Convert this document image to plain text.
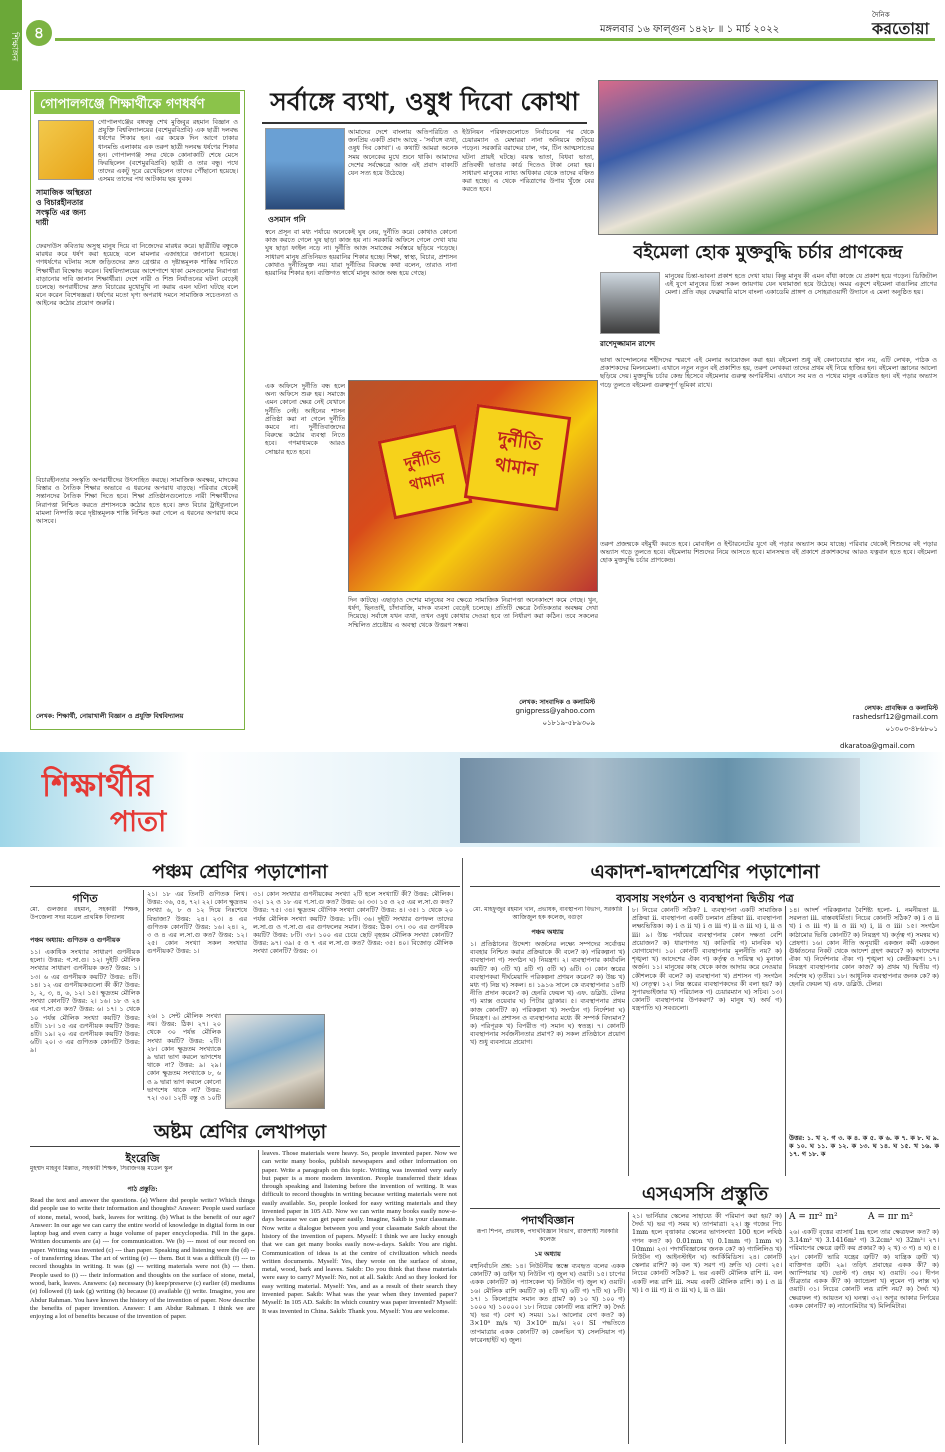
শিক্ষাঙ্গন ৪	মঙ্গলবার ১৬ ফাল্গুন ১৪২৮ ॥ ১ মার্চ ২০২২
দৈনিক
করতোয়া
গোপালগঞ্জে শিক্ষার্থীকে গণধর্ষণ
সামাজিক অস্থিরতা ও বিচারহীনতার সংস্কৃতি এর জন্য দায়ী
গোপালগঞ্জের বঙ্গবন্ধু শেখ মুজিবুর রহমান বিজ্ঞান ও প্রযুক্তি বিশ্ববিদ্যালয়ের (বশেমুরবিপ্রবি) এক ছাত্রী দলবদ্ধ ধর্ষণের শিকার হন। এর কয়েক দিন আগে ঢাকার ধানমন্ডি এলাকায় এক তরুণ ছাত্রী দলবদ্ধ ধর্ষণের শিকার হন। গোপালগঞ্জ সদর থেকে কোনাকাটি শেষে মেসে ফিরছিলেন (বশেমুরবিপ্রবি) ছাত্রী ও তার বন্ধু। পথে তাদের একটু দূরে রেখেছিলেন তাদের পৌঁছানো হয়েছে। এসময় তাদের পথ আটকায় ছয় যুবক।
ফেরদাউস কবিতায় অসুস্থ মানুষ দিয়ে বা নিজেদের মারধর করে। ছাত্রীটির বন্ধুকে মারধর করে ধর্ষণ করা হয়েছে বলে মামলার এজাহারে জানানো হয়েছে। গণধর্ষণের ঘটনায় সঙ্গে জড়িতদের দ্রুত গ্রেপ্তার ও দৃষ্টান্তমূলক শাস্তির দাবিতে শিক্ষার্থীরা বিক্ষোভ করেন। বিশ্ববিদ্যালয়ের আশেপাশে থাকা মেসগুলোর নিরাপত্তা বাড়ানোর দাবি জানান শিক্ষার্থীরা। দেশে নারী ও শিশু নির্যাতনের ঘটনা বেড়েই চলেছে। অপরাধীদের দ্রুত বিচারের মুখোমুখি না করায় এমন ঘটনা ঘটছে বলে মনে করেন বিশেষজ্ঞরা। ধর্ষণের মতো ঘৃণ্য অপরাধ দমনে সামাজিক সচেতনতা ও আইনের কঠোর প্রয়োগ জরুরি।
বিচারহীনতার সংস্কৃতি অপরাধীদের উৎসাহিত করছে। সামাজিক অবক্ষয়, মাদকের বিস্তার ও নৈতিক শিক্ষার অভাবে এ ধরনের অপরাধ বাড়ছে। পরিবার থেকেই সন্তানদের নৈতিক শিক্ষা দিতে হবে। শিক্ষা প্রতিষ্ঠানগুলোতে নারী শিক্ষার্থীদের নিরাপত্তা নিশ্চিত করতে প্রশাসনকে কঠোর হতে হবে। দ্রুত বিচার ট্রাইব্যুনালে মামলা নিষ্পত্তি করে দৃষ্টান্তমূলক শাস্তি নিশ্চিত করা গেলে এ ধরনের অপরাধ কমে আসবে।
লেখক: শিক্ষার্থী, নোয়াখালী বিজ্ঞান ও প্রযুক্তি বিশ্ববিদ্যালয়
সর্বাঙ্গে ব্যথা, ওষুধ দিবো কোথা
ওসমান গনি
আমাদের দেশে বাংলায় অতিপরিচিত ও জনপ্রিয় একটি প্রবাদ আছে - 'সর্বাঙ্গে ব্যথা, ওষুধ দিব কোথা'। এ কথাটি আমরা অনেক সময় অনেকের মুখে শুনে থাকি। আমাদের দেশের সর্বক্ষেত্রে আজ এই প্রবাদ বাক্যটি যেন সত্য হয়ে উঠেছে।
স্বনে প্রসূন বা মধ্য পর্যায়ে অনেকেই ঘুষ নেয়, দুর্নীতি করে। কোথাও কোনো কাজ করতে গেলে ঘুষ ছাড়া কাজ হয় না। সরকারি অফিসে গেলে দেখা যায় ঘুষ ছাড়া ফাইল নড়ে না। দুর্নীতি আজ সমাজের সর্বস্তরে ছড়িয়ে পড়েছে। সাধারণ মানুষ প্রতিনিয়ত হয়রানির শিকার হচ্ছে। শিক্ষা, স্বাস্থ্য, বিচার, প্রশাসন কোথাও দুর্নীতিমুক্ত নয়। যারা দুর্নীতির বিরুদ্ধে কথা বলেন, তারাও নানা হয়রানির শিকার হন। ব্যক্তিগত স্বার্থে মানুষ আজ অন্ধ হয়ে গেছে।
ইউনিয়ন পরিষদগুলোতে নির্বাচনের পর থেকে চেয়ারম্যান ও মেম্বাররা নানা অনিয়মে জড়িয়ে পড়েন। সরকারি বরাদ্দের চাল, গম, টিন আত্মসাতের ঘটনা প্রায়ই ঘটছে। বয়স্ক ভাতা, বিধবা ভাতা, প্রতিবন্ধী ভাতার কার্ড দিতেও টাকা নেয়া হয়। সাধারণ মানুষের ন্যায্য অধিকার থেকে তাদের বঞ্চিত করা হচ্ছে। এ থেকে পরিত্রাণের উপায় খুঁজে বের করতে হবে।
এক অফিসে দুর্নীতি বন্ধ হলে অন্য অফিসে শুরু হয়। সমাজে এমন কোনো ক্ষেত্র নেই যেখানে দুর্নীতি নেই। আইনের শাসন প্রতিষ্ঠা করা না গেলে দুর্নীতি কমবে না। দুর্নীতিবাজদের বিরুদ্ধে কঠোর ব্যবস্থা নিতে হবে। গণমাধ্যমকে আরও সোচ্চার হতে হবে।	দুর্নীতি থামান
দুর্নীতি থামান
দিন কাটছে। এছাড়াও দেশের মানুষের সব ক্ষেত্রে সামাজিক নিরাপত্তা অনেকাংশে কমে গেছে। খুন, ধর্ষণ, ছিনতাই, চাঁদাবাজি, মাদক ব্যবসা বেড়েই চলেছে। প্রতিটি ক্ষেত্রে নৈতিকতার অবক্ষয় দেখা দিয়েছে। সর্বাঙ্গে যখন ব্যথা, তখন ওষুধ কোথায় দেওয়া হবে তা নির্ধারণ করা কঠিন। তবে সকলের সম্মিলিত প্রচেষ্টায় এ অবস্থা থেকে উত্তরণ সম্ভব।
লেখক: সাংবাদিক ও কলামিস্ট
gnigpress@yahoo.com
০১৮১৯-৫৮৯৩০৯
বইমেলা হোক মুক্তবুদ্ধি চর্চার প্রাণকেন্দ্র
রাশেদুজ্জামান রাশেদ
মানুষের চিন্তা-ভাবনা প্রকাশ হতে দেখা যায়। কিন্তু মানুষ কী এমন বাঁধা কাজে যে প্রকাশ হয়ে গড়েন। ডিজিটাল এই যুগে মানুষের চিন্তা সকল জায়গায় যেন ঘষামাজা হয়ে উঠেছে। অমর একুশে বইমেলা বাঙালির প্রাণের মেলা। প্রতি বছর ফেব্রুয়ারি মাসে বাংলা একাডেমি প্রাঙ্গণ ও সোহরাওয়ার্দী উদ্যানে এ মেলা অনুষ্ঠিত হয়।
ভাষা আন্দোলনের শহীদদের স্মরণে এই মেলার আয়োজন করা হয়। বইমেলা শুধু বই কেনাবেচার স্থান নয়, এটি লেখক, পাঠক ও প্রকাশকদের মিলনমেলা। এখানে নতুন নতুন বই প্রকাশিত হয়, তরুণ লেখকরা তাদের প্রথম বই নিয়ে হাজির হন। বইমেলা জ্ঞানের আলো ছড়িয়ে দেয়। মুক্তবুদ্ধি চর্চার কেন্দ্র হিসেবে বইমেলার গুরুত্ব অপরিসীম। এখানে সব মত ও পথের মানুষ একত্রিত হন। বই পড়ার অভ্যাস গড়ে তুলতে বইমেলা গুরুত্বপূর্ণ ভূমিকা রাখে।
তরুণ প্রজন্মকে বইমুখী করতে হবে। মোবাইল ও ইন্টারনেটের যুগে বই পড়ার অভ্যাস কমে যাচ্ছে। পরিবার থেকেই শিশুদের বই পড়ার অভ্যাস গড়ে তুলতে হবে। বইমেলায় শিশুদের নিয়ে আসতে হবে। মানসম্মত বই প্রকাশে প্রকাশকদের আরও যত্নবান হতে হবে। বইমেলা হোক মুক্তবুদ্ধি চর্চার প্রাণকেন্দ্র।
লেখক: প্রাবন্ধিক ও কলামিস্ট
rashedsrf12@gmail.com
০১৩০৩-৪৮৬৮০১
dkaratoa@gmail.com
শিক্ষার্থীর
পাতা
পঞ্চম শ্রেণির পড়াশোনা
গণিত
মো. গুলজার রহমান, সহকারী শিক্ষক, উপজেলা সদর মডেল প্রাথমিক বিদ্যালয়
পঞ্চম অধ্যায়: গুণিতক ও গুণনীয়ক
১১। একাধিক সংখ্যার সাধারণ গুণনীয়ক হলো। উত্তর: গ.সা.গু। ১২। দুইটি মৌলিক সংখ্যার সাধারণ গুণনীয়ক কত? উত্তর: ১। ১৩। ৬ এর গুণনীয়ক কয়টি? উত্তর: ৪টি। ১৪। ১২ এর গুণনীয়কগুলো কী কী? উত্তর: ১, ২, ৩, ৪, ৬, ১২। ১৫। ক্ষুদ্রতম মৌলিক সংখ্যা কোনটি? উত্তর: ২। ১৬। ১৮ ও ২৪ এর গ.সা.গু কত? উত্তর: ৬। ১৭। ১ থেকে ১০ পর্যন্ত মৌলিক সংখ্যা কয়টি? উত্তর: ৪টি। ১৮। ১৫ এর গুণনীয়ক কয়টি? উত্তর: ৪টি। ১৯। ২০ এর গুণনীয়ক কয়টি? উত্তর: ৬টি। ২০। ৩ এর গুণিতক কোনটি? উত্তর: ৯।
২১। ১৮ এর তিনটি গুণিতক লিখ। উত্তর: ৩৬, ৫৪, ৭২। ২২। কোন ক্ষুদ্রতম সংখ্যা ৬, ৮ ও ১২ দিয়ে নিঃশেষে বিভাজ্য? উত্তর: ২৪। ২৩। ৪ এর গুণিতক কোনটি? উত্তর: ১৬। ২৪। ২, ৩ ও ৪ এর ল.সা.গু কত? উত্তর: ১২। ২৫। কোন সংখ্যা সকল সংখ্যার গুণনীয়ক? উত্তর: ১।
২৬। ১ সেন্ট মৌলিক সংখ্যা নয়। উত্তর: ঠিক। ২৭। ২০ থেকে ৩০ পর্যন্ত মৌলিক সংখ্যা কয়টি? উত্তর: ২টি। ২৮। কোন ক্ষুদ্রতম সংখ্যাকে ৯ দ্বারা ভাগ করলে ভাগশেষ থাকে না? উত্তর: ৯। ২৯। কোন ক্ষুদ্রতম সংখ্যাকে ৮, ৬ ও ৯ দ্বারা ভাগ করলে কোনো ভাগশেষ থাকে না? উত্তর: ৭২। ৩০। ১২টি বস্তু ও ১০টি
৩১। কোন সংখ্যার গুণনীয়কের সংখ্যা ২টি হলে সংখ্যাটি কী? উত্তর: মৌলিক। ৩২। ১২ ও ১৮ এর গ.সা.গু কত? উত্তর: ৬। ৩৩। ১৫ ও ২৫ এর ল.সা.গু কত? উত্তর: ৭৫। ৩৪। ক্ষুদ্রতম যৌগিক সংখ্যা কোনটি? উত্তর: ৪। ৩৫। ১ থেকে ২০ পর্যন্ত মৌলিক সংখ্যা কয়টি? উত্তর: ৮টি। ৩৬। দুইটি সংখ্যার গুণফল তাদের ল.সা.গু ও গ.সা.গু এর গুণফলের সমান। উত্তর: ঠিক। ৩৭। ৩০ এর গুণনীয়ক কয়টি? উত্তর: ৮টি। ৩৮। ১০০ এর চেয়ে ছোট বৃহত্তম মৌলিক সংখ্যা কোনটি? উত্তর: ৯৭। ৩৯। ৫ ও ৭ এর ল.সা.গু কত? উত্তর: ৩৫। ৪০। বিজোড় মৌলিক সংখ্যা কোনটি? উত্তর: ৩।
একাদশ-দ্বাদশশ্রেণির পড়াশোনা
ব্যবসায় সংগঠন ও ব্যবস্থাপনা দ্বিতীয় পত্র
মো. মাহফুজুর রহমান খান, প্রভাষক, ব্যবস্থাপনা বিভাগ, সরকারি আজিজুল হক কলেজ, বগুড়া
পঞ্চম অধ্যায়
১। প্রতিষ্ঠানের উদ্দেশ্য অর্জনের লক্ষ্যে সম্পদের সর্বোত্তম ব্যবহার নিশ্চিত করার প্রক্রিয়াকে কী বলে? ক) পরিকল্পনা খ) ব্যবস্থাপনা গ) সংগঠন ঘ) নিয়ন্ত্রণ। ২। ব্যবস্থাপনার কার্যাবলি কয়টি? ক) ৩টি খ) ৪টি গ) ৫টি ঘ) ৬টি। ৩। কোন স্তরের ব্যবস্থাপকরা দীর্ঘমেয়াদি পরিকল্পনা প্রণয়ন করেন? ক) উচ্চ খ) মধ্য গ) নিম্ন ঘ) সকল। ৪। ১৯১৬ সালে কে ব্যবস্থাপনার ১৪টি নীতি প্রদান করেন? ক) হেনরি ফেয়ল খ) এফ. ডব্লিউ. টেলর গ) ম্যাক্স ওয়েবার ঘ) পিটার ড্রাকার। ৫। ব্যবস্থাপনার প্রথম কাজ কোনটি? ক) পরিকল্পনা খ) সংগঠন গ) নির্দেশনা ঘ) নিয়ন্ত্রণ। ৬। প্রশাসন ও ব্যবস্থাপনার মধ্যে কী সম্পর্ক বিদ্যমান? ক) পরিপূরক খ) বিপরীত গ) সমান ঘ) স্বতন্ত্র। ৭। কোনটি ব্যবস্থাপনার সর্বজনীনতার প্রমাণ? ক) সকল প্রতিষ্ঠানে প্রয়োগ খ) শুধু ব্যবসায়ে প্রয়োগ।
৮। নিচের কোনটি সঠিক? i. ব্যবস্থাপনা একটি সামাজিক প্রক্রিয়া ii. ব্যবস্থাপনা একটি চলমান প্রক্রিয়া iii. ব্যবস্থাপনা লক্ষ্যভিত্তিক। ক) i ও ii খ) i ও iii গ) ii ও iii ঘ) i, ii ও iii। ৯। উচ্চ পর্যায়ের ব্যবস্থাপনায় কোন দক্ষতা বেশি প্রয়োজন? ক) ধারণাগত খ) কারিগরি গ) মানবিক ঘ) যোগাযোগ। ১০। কোনটি ব্যবস্থাপনার মূলনীতি নয়? ক) শৃঙ্খলা খ) আদেশের ঐক্য গ) কর্তৃত্ব ও দায়িত্ব ঘ) মুনাফা অর্জন। ১১। মানুষের কাছ থেকে কাজ আদায় করে নেওয়ার কৌশলকে কী বলে? ক) ব্যবস্থাপনা খ) প্রশাসন গ) সংগঠন ঘ) নেতৃত্ব। ১২। নিম্ন স্তরের ব্যবস্থাপকদের কী বলা হয়? ক) সুপারভাইজার খ) পরিচালক গ) চেয়ারম্যান ঘ) সচিব। ১৩। কোনটি ব্যবস্থাপনার উপকরণ? ক) মানুষ খ) অর্থ গ) যন্ত্রপাতি ঘ) সবগুলো।
১৪। আদর্শ পরিকল্পনার বৈশিষ্ট্য হলো- i. নমনীয়তা ii. সরলতা iii. বাস্তবধর্মিতা। নিচের কোনটি সঠিক? ক) i ও ii খ) i ও iii গ) ii ও iii ঘ) i, ii ও iii। ১৫। সংগঠন কাঠামোর ভিত্তি কোনটি? ক) নিয়ন্ত্রণ খ) কর্তৃত্ব গ) সমন্বয় ঘ) প্রেষণা। ১৬। কোন নীতি অনুযায়ী একজন কর্মী একজন ঊর্ধ্বতনের নিকট থেকে আদেশ গ্রহণ করবে? ক) আদেশের ঐক্য খ) নির্দেশনার ঐক্য গ) শৃঙ্খলা ঘ) কেন্দ্রীকরণ। ১৭। নিয়ন্ত্রণ ব্যবস্থাপনার কোন কাজ? ক) প্রথম খ) দ্বিতীয় গ) সর্বশেষ ঘ) তৃতীয়। ১৮। আধুনিক ব্যবস্থাপনার জনক কে? ক) হেনরি ফেয়ল খ) এফ. ডব্লিউ. টেলর।
উত্তর: ১. খ ২. গ ৩. ক ৪. ক ৫. ক ৬. ক ৭. ক ৮. ঘ ৯. ক ১০. ঘ ১১. ক ১২. ক ১৩. ঘ ১৪. ঘ ১৫. খ ১৬. ক ১৭. গ ১৮. ক
অষ্টম শ্রেণির লেখাপড়া
ইংরেজি
মুহম্মদ মাহবুব মিল্লাত, সহকারী শিক্ষক, সিরাজগঞ্জ মডেল স্কুল
পাঠ প্রস্তুতি:
Read the text and answer the questions. (a) Where did people write? Which things did people use to write their information and thoughts? Answer: People used surface of stone, metal, wood, bark, leaves for writing. (b) What is the benefit of our age? Answer: In our age we can carry the entire world of knowledge in digital form in our laptop bag and even carry a huge volume of paper encyclopedia. Fill in the gaps. Written documents are (a) --- for communication. We (b) --- most of our record on paper. Writing was invented (c) --- than paper. Speaking and listening were the (d) --- of transferring ideas. The art of writing (e) --- them. But it was a difficult (f) --- to record thoughts in writing. It was (g) --- writing materials were not (h) --- then. People used to (i) --- their information and thoughts on the surface of stone, metal, wood, bark, leaves. Answers: (a) necessary (b) keep/preserve (c) earlier (d) mediums (e) followed (f) task (g) writing (h) because (i) available (j) write. Imagine, you are Abdur Rahman. You have known the history of the invention of paper. Now describe the benefits of paper invention. Answer: I am Abdur Rahman. I think we are enjoying a lot of benefits because of the invention of paper.
leaves. Those materials were heavy. So, people invented paper. Now we can write many books, publish newspapers and other information on paper. Write a paragraph on this topic. Writing was invented very early but paper is a more modern invention. People transferred their ideas through speaking and listening before the invention of writing. It was difficult to record thoughts in writing because writing materials were not easily available. So, people looked for easy writing materials and they invented paper in 105 AD. Now we can write many books easily now-a-days because we can get paper easily. Imagine, Sakib is your classmate. Now write a dialogue between you and your classmate Sakib about the history of the invention of papers. Myself: I think we are lucky enough that we can get many books easily now-a-days. Sakib: You are right. Communication of ideas is at the centre of civilization which needs written documents. Myself: Yes, they wrote on the surface of stone, metal, wood, bark and leaves. Sakib: Do you think that these materials were easy to carry? Myself: No, not at all. Sakib: And so they looked for easy writing material. Myself: Yes, and as a result of their search they invented paper. Sakib: What was the year when they invented paper? Myself: In 105 AD. Sakib: In which country was paper invented? Myself: It was invented in China. Sakib: Thank you. Myself: You are welcome.
এসএসসি প্রস্তুতি
পদার্থবিজ্ঞান
রূপা শিপন, প্রভাষক, পদার্থবিজ্ঞান বিভাগ, রাজশাহী সরকারি কলেজ
১ম অধ্যায়
বহুনির্বাচনি প্রশ্ন: ১৪। নিউটনীয় স্তম্ভে ব্যবহৃত বলের একক কোনটি? ক) ডাইন খ) নিউটন গ) জুল ঘ) ওয়াট। ১৫। চাপের একক কোনটি? ক) প্যাসকেল খ) নিউটন গ) জুল ঘ) ওয়াট। ১৬। মৌলিক রাশি কয়টি? ক) ৫টি খ) ৬টি গ) ৭টি ঘ) ৮টি। ১৭। ১ কিলোগ্রাম সমান কত গ্রাম? ক) ১০ খ) ১০০ গ) ১০০০ ঘ) ১০০০০। ১৮। নিচের কোনটি লব্ধ রাশি? ক) দৈর্ঘ্য খ) ভর গ) বেগ ঘ) সময়। ১৯। আলোর বেগ কত? ক) 3×10⁸ m/s খ) 3×10⁶ m/s। ২০। SI পদ্ধতিতে তাপমাত্রার একক কোনটি? ক) কেলভিন খ) সেলসিয়াস গ) ফারেনহাইট ঘ) জুল।
২১। ভার্নিয়ার স্কেলের সাহায্যে কী পরিমাপ করা হয়? ক) দৈর্ঘ্য খ) ভর গ) সময় ঘ) তাপমাত্রা। ২২। স্ক্রু গজের পিচ 1mm হলে বৃত্তাকার স্কেলের ভাগসংখ্যা 100 হলে লঘিষ্ঠ গণন কত? ক) 0.01mm খ) 0.1mm গ) 1mm ঘ) 10mm। ২৩। পদার্থবিজ্ঞানের জনক কে? ক) গ্যালিলিও খ) নিউটন গ) আইনস্টাইন ঘ) আর্কিমিডিস। ২৪। কোনটি স্কেলার রাশি? ক) বল খ) সরণ গ) দ্রুতি ঘ) বেগ। ২৫। নিচের কোনটি সঠিক? i. ভর একটি মৌলিক রাশি ii. বল একটি লব্ধ রাশি iii. সময় একটি মৌলিক রাশি। ক) i ও ii খ) i ও iii গ) ii ও iii ঘ) i, ii ও iii।
A = πr² m²	A = πr m²
২৬। একটি বৃত্তের ব্যাসার্ধ 1m হলে তার ক্ষেত্রফল কত? ক) 3.14m² খ) 3.1416m² গ) 3.2cm² ঘ) 32m²। ২৭। পরিমাপের ক্ষেত্রে ত্রুটি কয় প্রকার? ক) ২ খ) ৩ গ) ৪ ঘ) ৫। ২৮। কোনটি ভারি যন্ত্রের ত্রুটি? ক) যান্ত্রিক ত্রুটি খ) ব্যক্তিগত ত্রুটি। ২৯। তড়িৎ প্রবাহের একক কী? ক) অ্যাম্পিয়ার খ) ভোল্ট গ) ওহম ঘ) ওয়াট। ৩০। দীপন তীব্রতার একক কী? ক) ক্যান্ডেলা খ) লুমেন গ) লাক্স ঘ) ওয়াট। ৩১। নিচের কোনটি লব্ধ রাশি নয়? ক) দৈর্ঘ্য খ) ক্ষেত্রফল গ) আয়তন ঘ) ঘনত্ব। ৩২। অণুর আকার নির্ণয়ের একক কোনটি? ক) ন্যানোমিটার খ) মিলিমিটার।
